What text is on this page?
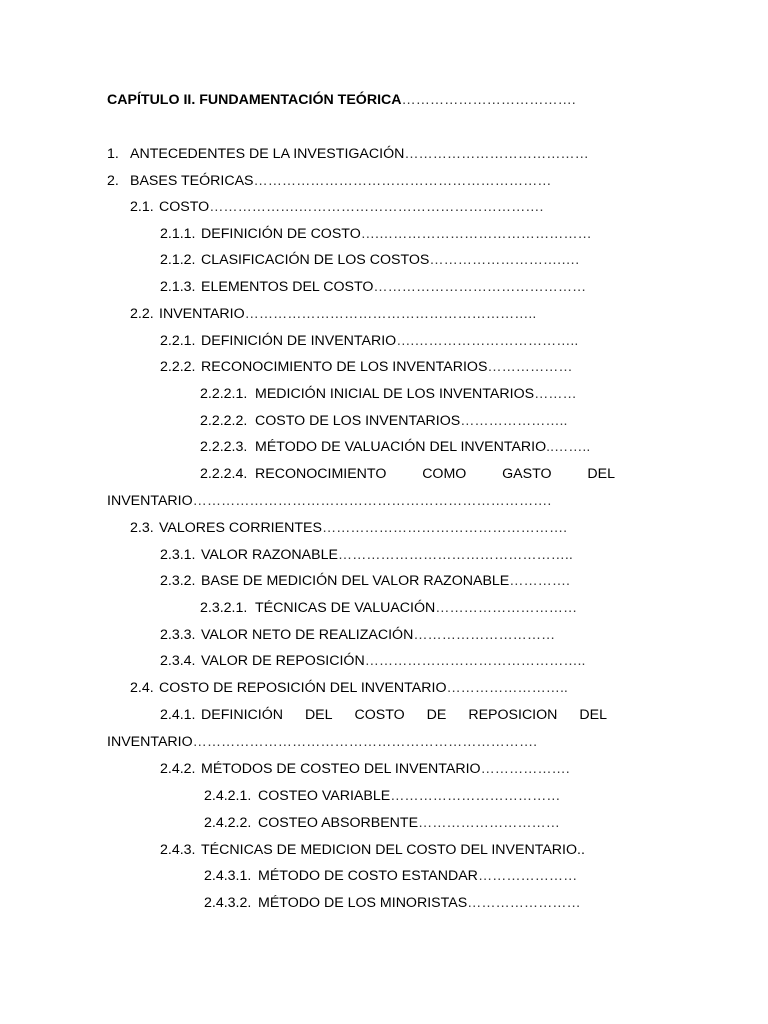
CAPÍTULO II. FUNDAMENTACIÓN TEÓRICA……………………………….
1. ANTECEDENTES DE LA INVESTIGACIÓN…………………………………
2. BASES TEÓRICAS………………………………………………………
2.1. COSTO……………….…………………………………………….
2.1.1. DEFINICIÓN DE COSTO….………………………………………
2.1.2. CLASIFICACIÓN DE LOS COSTOS……………………….….
2.1.3. ELEMENTOS DEL COSTO………………………………………
2.2. INVENTARIO……………………………………………………..
2.2.1. DEFINICIÓN DE INVENTARIO….……………………………..
2.2.2. RECONOCIMIENTO DE LOS INVENTARIOS………………
2.2.2.1. MEDICIÓN INICIAL DE LOS INVENTARIOS………
2.2.2.2. COSTO DE LOS INVENTARIOS…………………..
2.2.2.3. MÉTODO DE VALUACIÓN DEL INVENTARIO..……..
2.2.2.4. RECONOCIMIENTO	COMO	GASTO	DEL
INVENTARIO………………………………………………………………….
2.3. VALORES CORRIENTES…………………………………………….
2.3.1. VALOR RAZONABLE…………………………………………..
2.3.2. BASE DE MEDICIÓN DEL VALOR RAZONABLE………….
2.3.2.1. TÉCNICAS DE VALUACIÓN…………………………
2.3.3. VALOR NETO DE REALIZACIÓN…………………………
2.3.4. VALOR DE REPOSICIÓN………………………………………..
2.4. COSTO DE REPOSICIÓN DEL INVENTARIO……………………..
2.4.1. DEFINICIÓN DEL COSTO DE REPOSICION DEL
INVENTARIO……………………………………………………………….
2.4.2. MÉTODOS DE COSTEO DEL INVENTARIO……………….
2.4.2.1. COSTEO VARIABLE………………………………
2.4.2.2. COSTEO ABSORBENTE…………………………
2.4.3. TÉCNICAS DE MEDICION DEL COSTO DEL INVENTARIO..
2.4.3.1. MÉTODO DE COSTO ESTANDAR…………………
2.4.3.2. MÉTODO DE LOS MINORISTAS……………………
